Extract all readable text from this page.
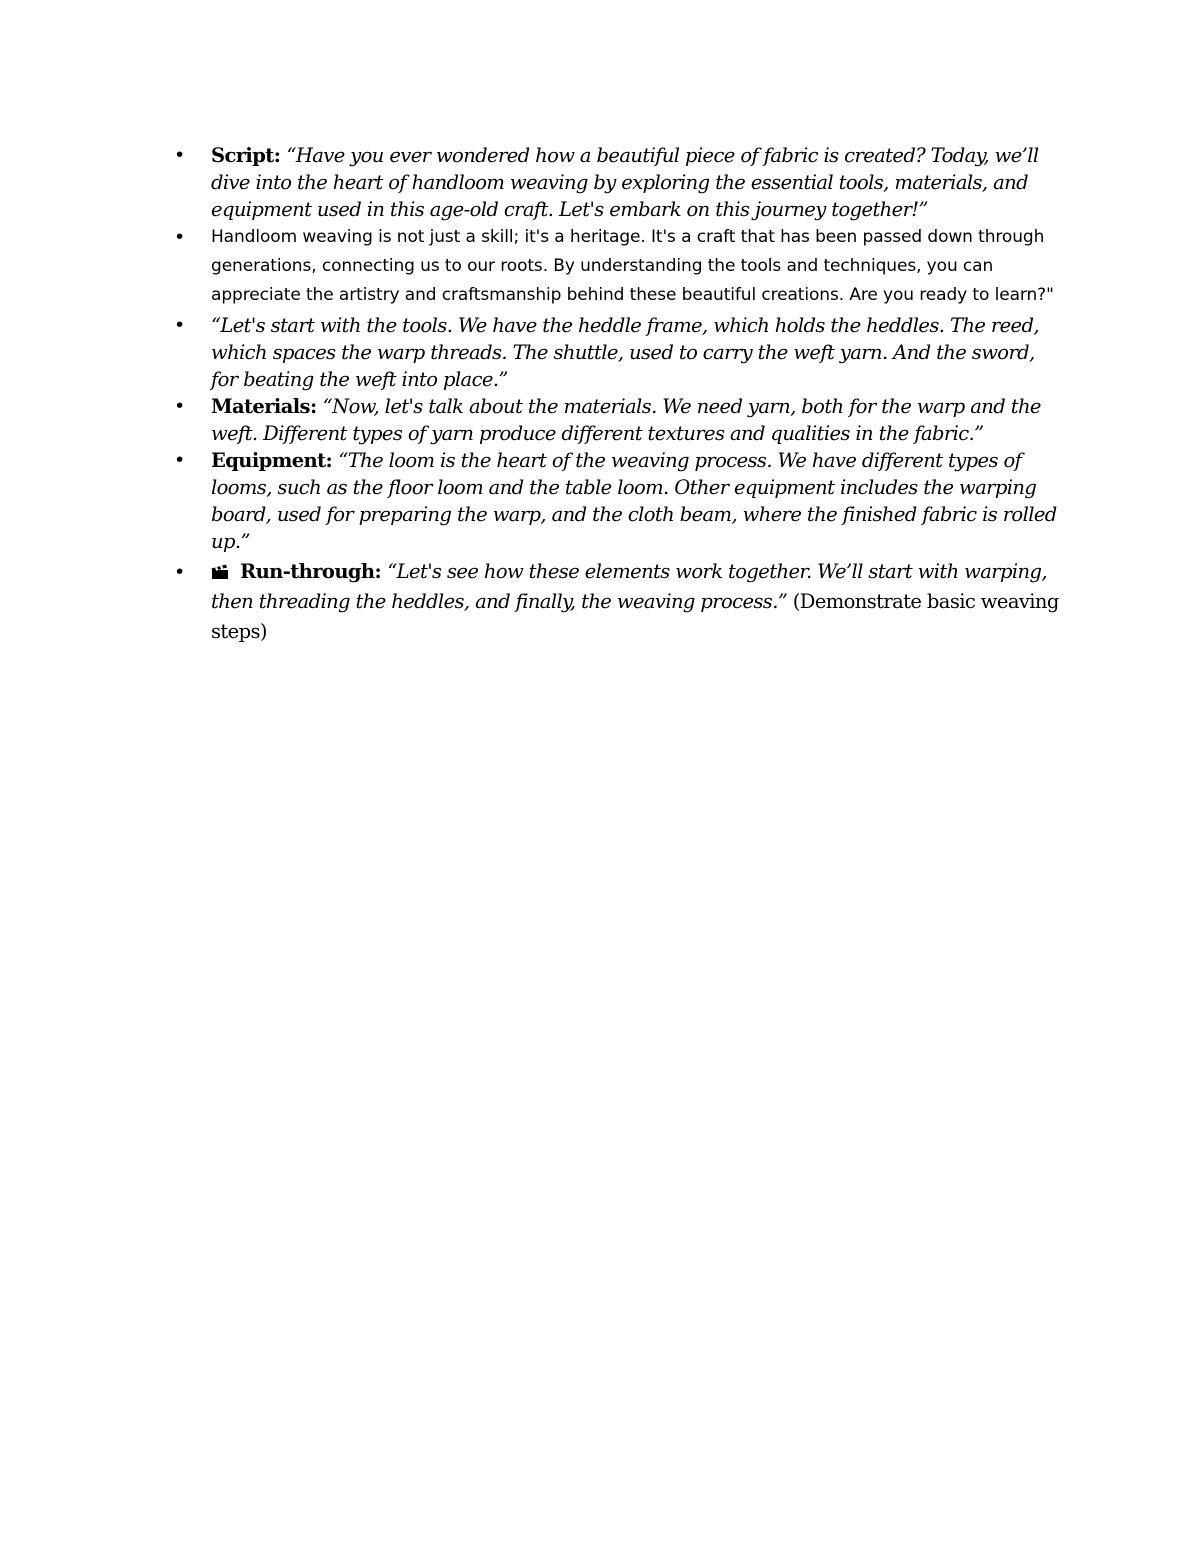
• Script: “Have you ever wondered how a beautiful piece of fabric is created? Today, we’ll dive into the heart of handloom weaving by exploring the essential tools, materials, and equipment used in this age-old craft. Let's embark on this journey together!”
• Handloom weaving is not just a skill; it's a heritage. It's a craft that has been passed down through generations, connecting us to our roots. By understanding the tools and techniques, you can appreciate the artistry and craftsmanship behind these beautiful creations. Are you ready to learn?"
• “Let's start with the tools. We have the heddle frame, which holds the heddles. The reed, which spaces the warp threads. The shuttle, used to carry the weft yarn. And the sword, for beating the weft into place.”
• Materials: “Now, let's talk about the materials. We need yarn, both for the warp and the weft. Different types of yarn produce different textures and qualities in the fabric.”
• Equipment: “The loom is the heart of the weaving process. We have different types of looms, such as the floor loom and the table loom. Other equipment includes the warping board, used for preparing the warp, and the cloth beam, where the finished fabric is rolled up.”
•	Run-through: “Let's see how these elements work together. We’ll start with warping, then threading the heddles, and finally, the weaving process.” (Demonstrate basic weaving steps)
